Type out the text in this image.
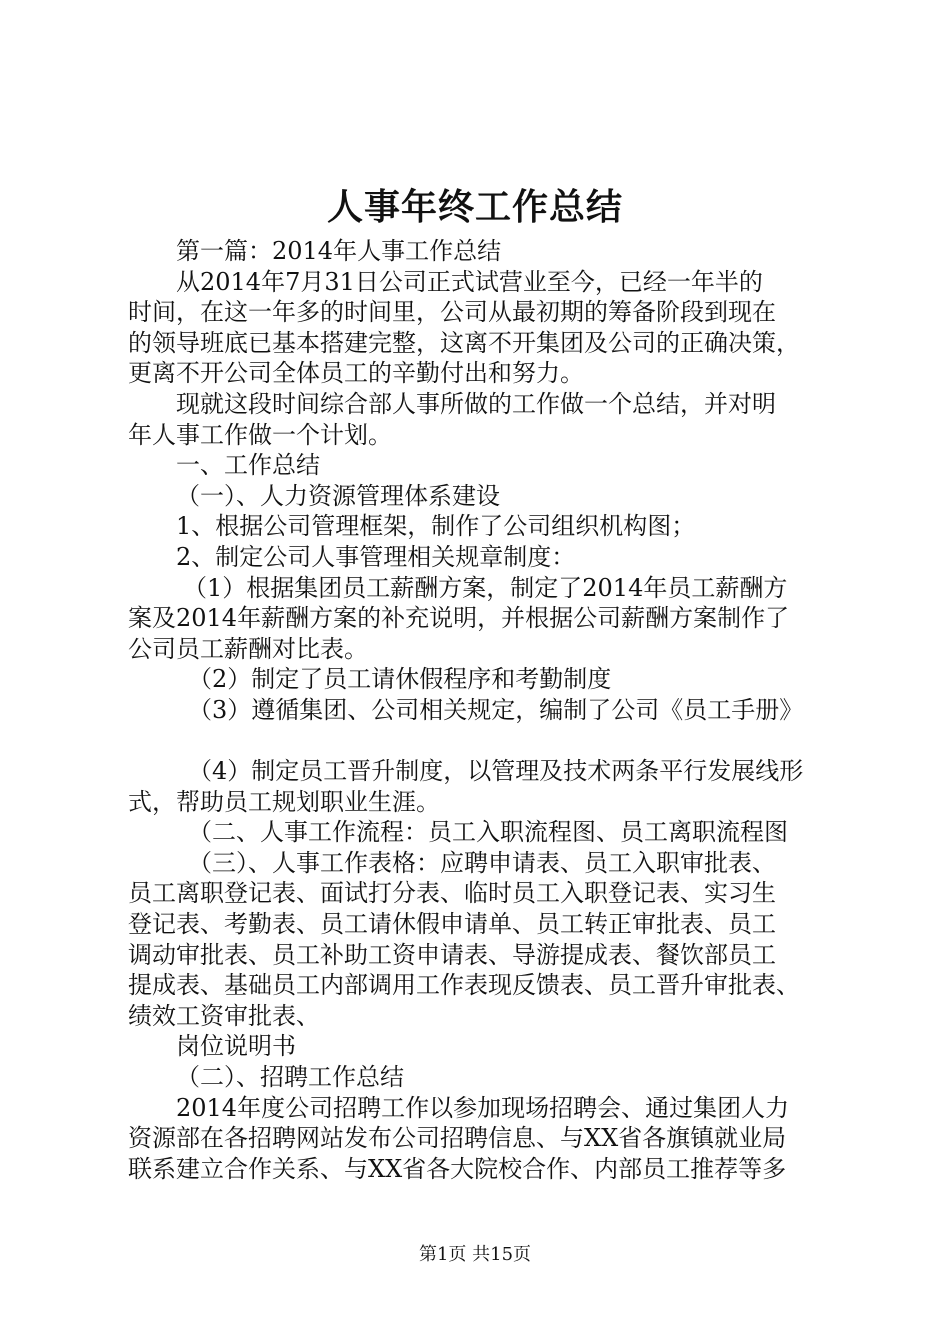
人事年终工作总结

第一篇：2014年人事工作总结

从2014年7月31日公司正式试营业至今，已经一年半的

时间，在这一年多的时间里，公司从最初期的筹备阶段到现在

的领导班底已基本搭建完整，这离不开集团及公司的正确决策，

更离不开公司全体员工的辛勤付出和努力。

现就这段时间综合部人事所做的工作做一个总结，并对明

年人事工作做一个计划。

一、工作总结

（一）、人力资源管理体系建设

1、根据公司管理框架，制作了公司组织机构图；

2、制定公司人事管理相关规章制度：

（1）根据集团员工薪酬方案，制定了2014年员工薪酬方

案及2014年薪酬方案的补充说明，并根据公司薪酬方案制作了

公司员工薪酬对比表。

（2）制定了员工请休假程序和考勤制度

（3）遵循集团、公司相关规定，编制了公司《员工手册》

（4）制定员工晋升制度，以管理及技术两条平行发展线形

式，帮助员工规划职业生涯。

（二、人事工作流程：员工入职流程图、员工离职流程图

（三）、人事工作表格：应聘申请表、员工入职审批表、

员工离职登记表、面试打分表、临时员工入职登记表、实习生

登记表、考勤表、员工请休假申请单、员工转正审批表、员工

调动审批表、员工补助工资申请表、导游提成表、餐饮部员工

提成表、基础员工内部调用工作表现反馈表、员工晋升审批表、

绩效工资审批表、

岗位说明书

（二）、招聘工作总结

2014年度公司招聘工作以参加现场招聘会、通过集团人力

资源部在各招聘网站发布公司招聘信息、与XX省各旗镇就业局

联系建立合作关系、与XX省各大院校合作、内部员工推荐等多

第1页 共15页
